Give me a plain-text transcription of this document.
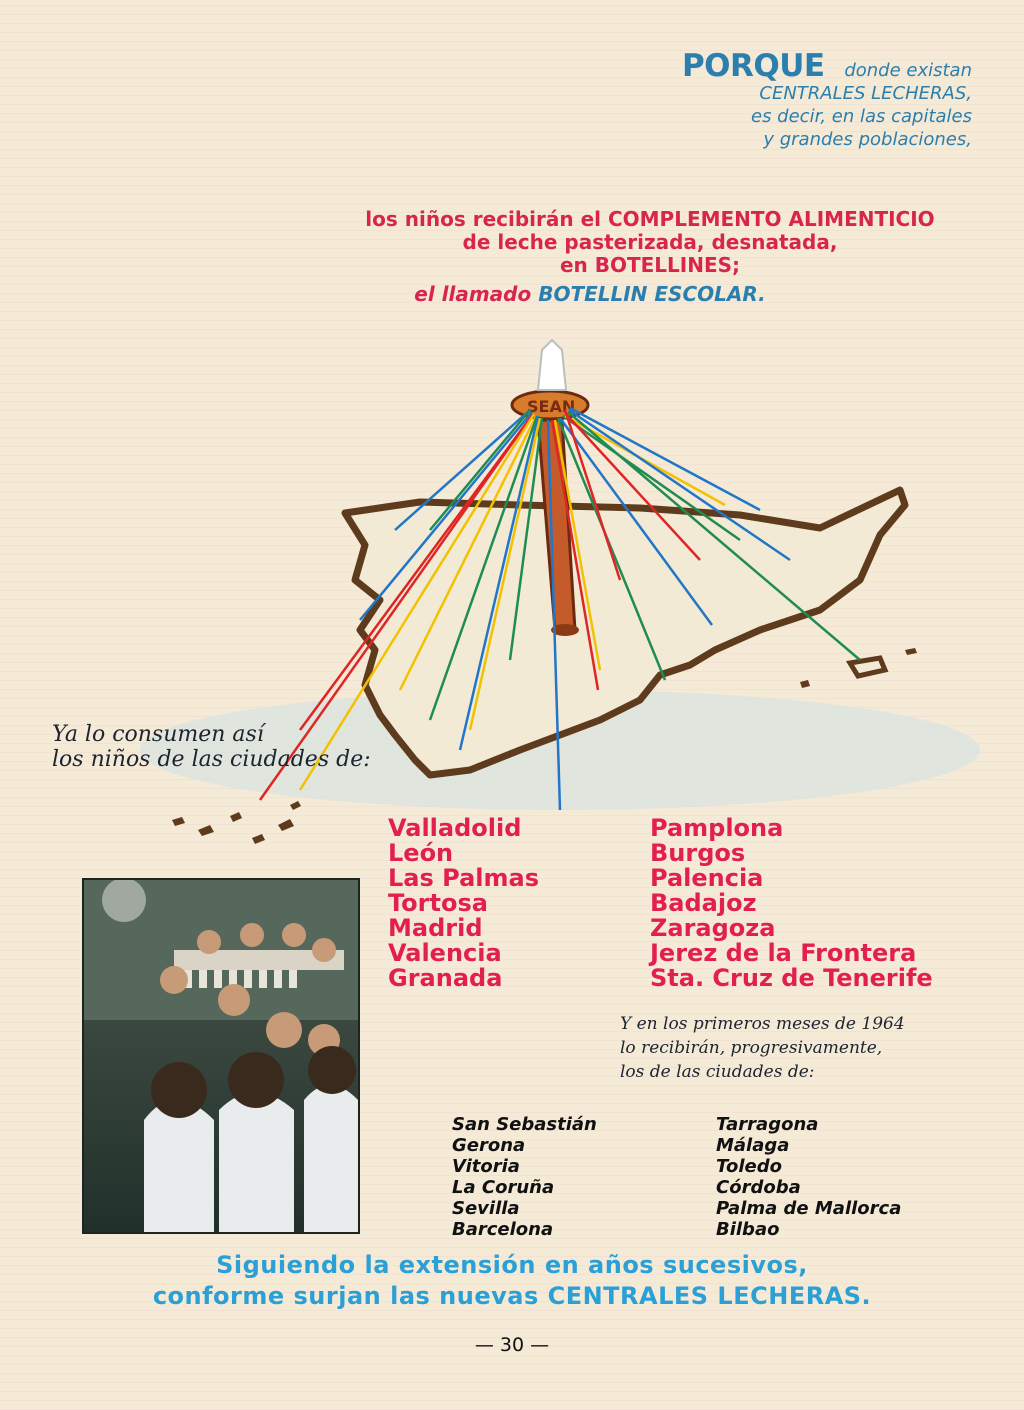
PORQUE donde existan
CENTRALES LECHERAS,
es decir, en las capitales
y grandes poblaciones,
los niños recibirán el COMPLEMENTO ALIMENTICIO
de leche pasterizada, desnatada,
en BOTELLINES;
el llamado BOTELLIN ESCOLAR.
SEAN
Ya lo consumen así
los niños de las ciudades de:
Valladolid
León
Las Palmas
Tortosa
Madrid
Valencia
Granada
Pamplona
Burgos
Palencia
Badajoz
Zaragoza
Jerez de la Frontera
Sta. Cruz de Tenerife
Y en los primeros meses de 1964
lo recibirán, progresivamente,
los de las ciudades de:
San Sebastián
Gerona
Vitoria
La Coruña
Sevilla
Barcelona
Tarragona
Málaga
Toledo
Córdoba
Palma de Mallorca
Bilbao
Siguiendo la extensión en años sucesivos,
conforme surjan las nuevas CENTRALES LECHERAS.
— 30 —
